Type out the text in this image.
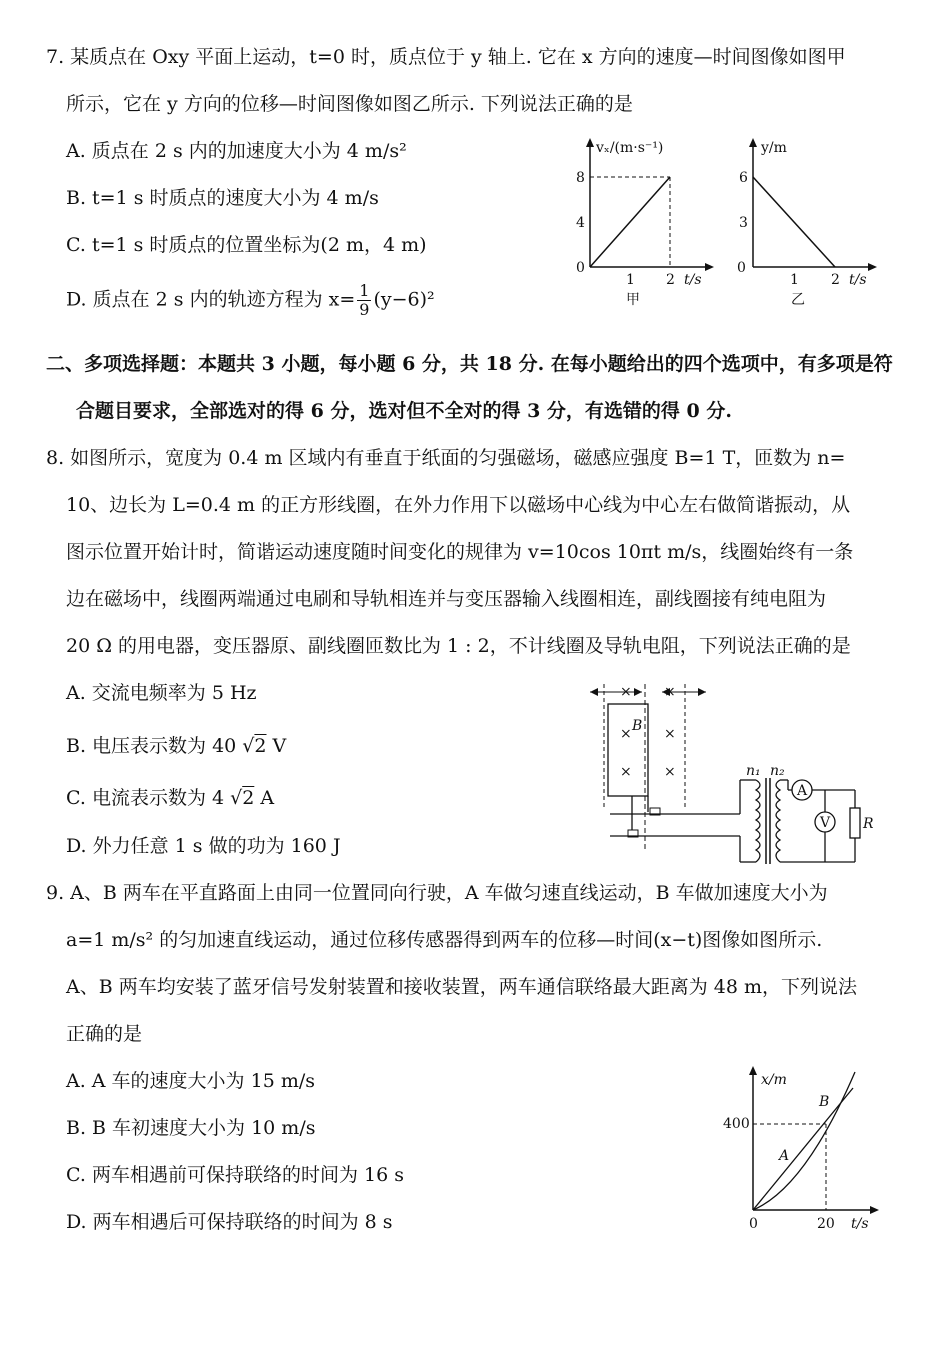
7. 某质点在 Oxy 平面上运动，t=0 时，质点位于 y 轴上. 它在 x 方向的速度—时间图像如图甲
所示，它在 y 方向的位移—时间图像如图乙所示. 下列说法正确的是
A. 质点在 2 s 内的加速度大小为 4 m/s²
B. t=1 s 时质点的速度大小为 4 m/s
C. t=1 s 时质点的位置坐标为(2 m，4 m)
D. 质点在 2 s 内的轨迹方程为 $x= \frac{1}{9} (y-6)^2$
vₓ/(m·s⁻¹)
8
4
0
1 2 t/s
甲
y/m
6
3
0
1 2 t/s
乙
二、多项选择题：本题共 3 小题，每小题 6 分，共 18 分. 在每小题给出的四个选项中，有多项是符
合题目要求，全部选对的得 6 分，选对但不全对的得 3 分，有选错的得 0 分.
8. 如图所示，宽度为 0.4 m 区域内有垂直于纸面的匀强磁场，磁感应强度 B=1 T，匝数为 n=
10、边长为 L=0.4 m 的正方形线圈，在外力作用下以磁场中心线为中心左右做简谐振动，从
图示位置开始计时，简谐运动速度随时间变化的规律为 v=10cos 10πt m/s，线圈始终有一条
边在磁场中，线圈两端通过电刷和导轨相连并与变压器输入线圈相连，副线圈接有纯电阻为
20 Ω 的用电器，变压器原、副线圈匝数比为 1 : 2，不计线圈及导轨电阻，下列说法正确的是
A. 交流电频率为 5 Hz
B. 电压表示数为 40 √2 V
C. 电流表示数为 4 √2 A
D. 外力任意 1 s 做的功为 160 J
× ×
× ×
× ×
B
n₁ n₂
A
V R
9. A、B 两车在平直路面上由同一位置同向行驶，A 车做匀速直线运动，B 车做加速度大小为
a=1 m/s² 的匀加速直线运动，通过位移传感器得到两车的位移—时间(x−t)图像如图所示.
A、B 两车均安装了蓝牙信号发射装置和接收装置，两车通信联络最大距离为 48 m，下列说法
正确的是
A. A 车的速度大小为 15 m/s
B. B 车初速度大小为 10 m/s
C. 两车相遇前可保持联络的时间为 16 s
D. 两车相遇后可保持联络的时间为 8 s
x/m
400
0	20 t/s
A
B
